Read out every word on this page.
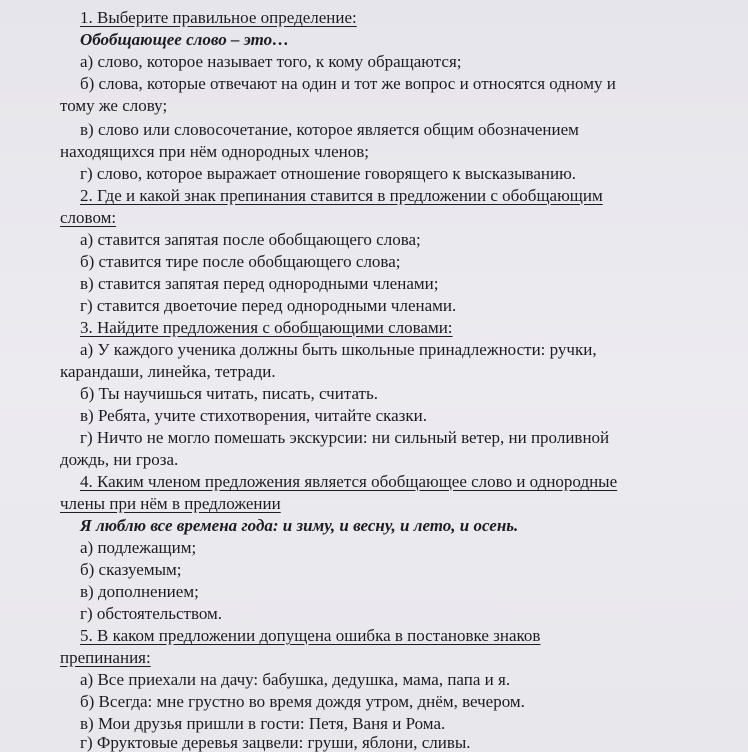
1. Выберите правильное определение:
Обобщающее слово – это…
а) слово, которое называет того, к кому обращаются;
б) слова, которые отвечают на один и тот же вопрос и относятся одному и
тому же слову;
в) слово или словосочетание, которое является общим обозначением
находящихся при нём однородных членов;
г) слово, которое выражает отношение говорящего к высказыванию.
2. Где и какой знак препинания ставится в предложении с обобщающим
словом:
а) ставится запятая после обобщающего слова;
б) ставится тире после обобщающего слова;
в) ставится запятая перед однородными членами;
г) ставится двоеточие перед однородными членами.
3. Найдите предложения с обобщающими словами:
а) У каждого ученика должны быть школьные принадлежности: ручки,
карандаши, линейка, тетради.
б) Ты научишься читать, писать, считать.
в) Ребята, учите стихотворения, читайте сказки.
г) Ничто не могло помешать экскурсии: ни сильный ветер, ни проливной
дождь, ни гроза.
4. Каким членом предложения является обобщающее слово и однородные
члены при нём в предложении
Я люблю все времена года: и зиму, и весну, и лето, и осень.
а) подлежащим;
б) сказуемым;
в) дополнением;
г) обстоятельством.
5. В каком предложении допущена ошибка в постановке знаков
препинания:
а) Все приехали на дачу: бабушка, дедушка, мама, папа и я.
б) Всегда: мне грустно во время дождя утром, днём, вечером.
в) Мои друзья пришли в гости: Петя, Ваня и Рома.
г) Фруктовые деревья зацвели: груши, яблони, сливы.
